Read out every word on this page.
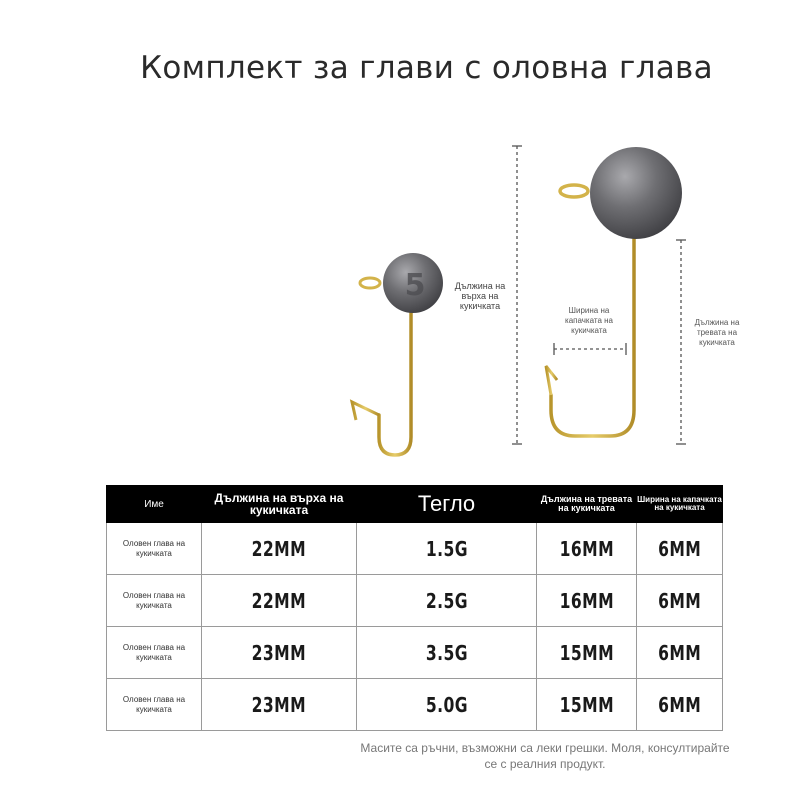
Комплект за глави с оловна глава
5	Дължина на върха на кукичката	Ширина на капачката на кукичката
Дължина на тревата на кукичката
Име	Дължина на върха на кукичката	Тегло	Дължина на тревата на кукичката	Ширина на капачката на кукичката
Оловен глава на кукичката	22MM	1.5G	16MM	6MM
Оловен глава на кукичката	22MM	2.5G	16MM	6MM
Оловен глава на кукичката	23MM	3.5G	15MM	6MM
Оловен глава на кукичката	23MM	5.0G	15MM	6MM
Масите са ръчни, възможни са леки грешки. Моля, консултирайте се с реалния продукт.
